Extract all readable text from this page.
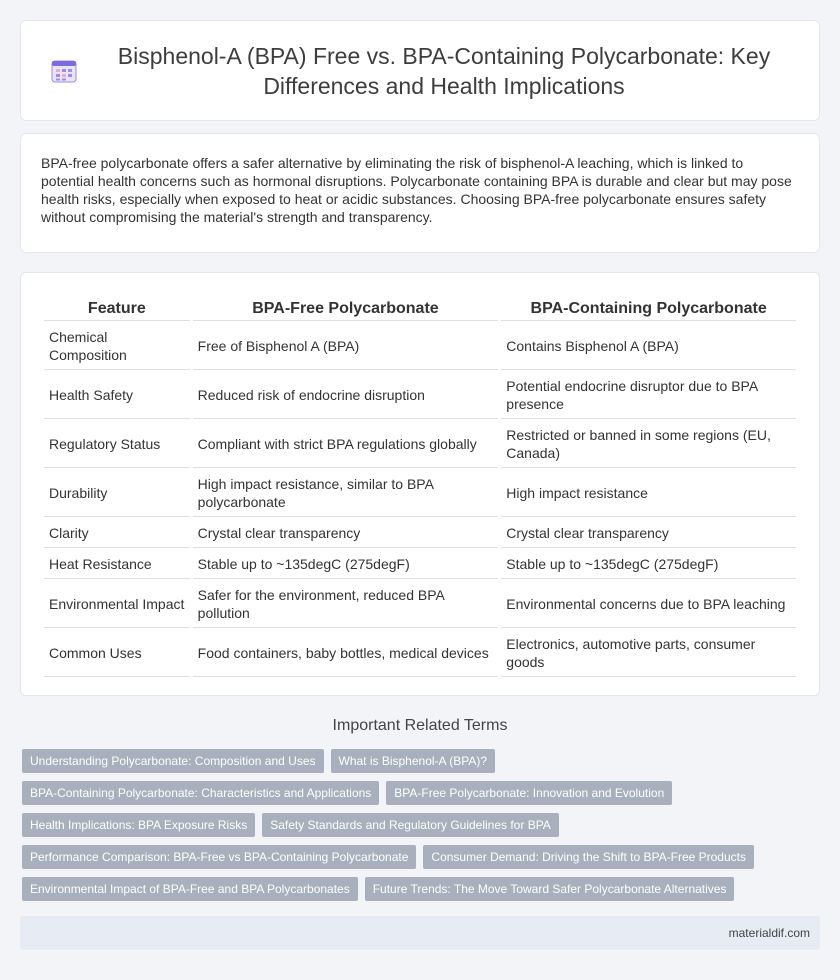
Bisphenol-A (BPA) Free vs. BPA-Containing Polycarbonate: Key Differences and Health Implications

BPA-free polycarbonate offers a safer alternative by eliminating the risk of bisphenol-A leaching, which is linked to potential health concerns such as hormonal disruptions. Polycarbonate containing BPA is durable and clear but may pose health risks, especially when exposed to heat or acidic substances. Choosing BPA-free polycarbonate ensures safety without compromising the material's strength and transparency.

Feature	BPA-Free Polycarbonate	BPA-Containing Polycarbonate
Chemical Composition	Free of Bisphenol A (BPA)	Contains Bisphenol A (BPA)
Health Safety	Reduced risk of endocrine disruption	Potential endocrine disruptor due to BPA presence
Regulatory Status	Compliant with strict BPA regulations globally	Restricted or banned in some regions (EU, Canada)
Durability	High impact resistance, similar to BPA polycarbonate	High impact resistance
Clarity	Crystal clear transparency	Crystal clear transparency
Heat Resistance	Stable up to ~135degC (275degF)	Stable up to ~135degC (275degF)
Environmental Impact	Safer for the environment, reduced BPA pollution	Environmental concerns due to BPA leaching
Common Uses	Food containers, baby bottles, medical devices	Electronics, automotive parts, consumer goods
Important Related Terms
Understanding Polycarbonate: Composition and Uses	What is Bisphenol-A (BPA)?
BPA-Containing Polycarbonate: Characteristics and Applications	BPA-Free Polycarbonate: Innovation and Evolution
Health Implications: BPA Exposure Risks	Safety Standards and Regulatory Guidelines for BPA
Performance Comparison: BPA-Free vs BPA-Containing Polycarbonate	Consumer Demand: Driving the Shift to BPA-Free Products
Environmental Impact of BPA-Free and BPA Polycarbonates	Future Trends: The Move Toward Safer Polycarbonate Alternatives
materialdif.com
